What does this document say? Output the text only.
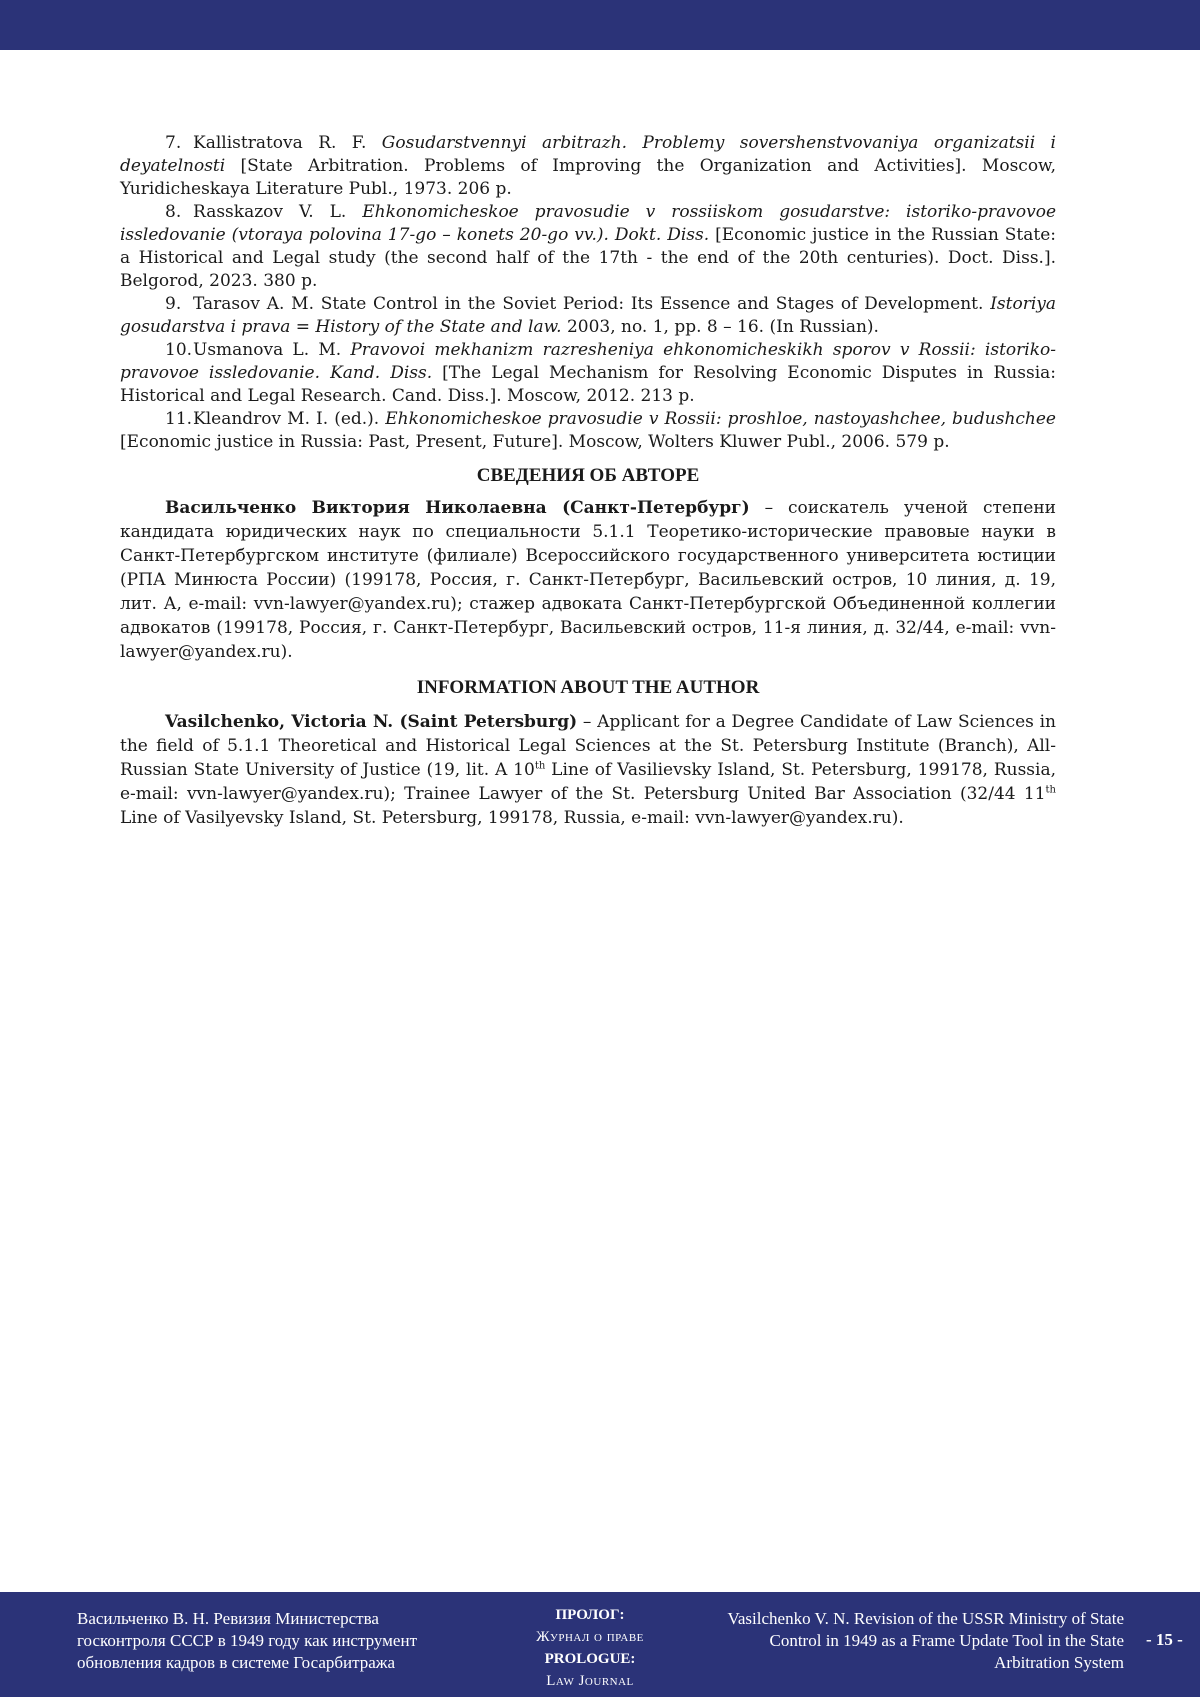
7. Kallistratova R. F. Gosudarstvennyi arbitrazh. Problemy sovershenstvovaniya organizatsii i deyatelnosti [State Arbitration. Problems of Improving the Organization and Activities]. Moscow, Yuridicheskaya Literature Publ., 1973. 206 p.

8. Rasskazov V. L. Ehkonomicheskoe pravosudie v rossiiskom gosudarstve: istoriko-pravovoe issledovanie (vtoraya polovina 17-go – konets 20-go vv.). Dokt. Diss. [Economic justice in the Russian State: a Historical and Legal study (the second half of the 17th - the end of the 20th centuries). Doct. Diss.]. Belgorod, 2023. 380 p.

9. Tarasov A. M. State Control in the Soviet Period: Its Essence and Stages of Development. Istoriya gosudarstva i prava = History of the State and law. 2003, no. 1, pp. 8 – 16. (In Russian).

10.Usmanova L. M. Pravovoi mekhanizm razresheniya ehkonomicheskikh sporov v Rossii: istoriko-pravovoe issledovanie. Kand. Diss. [The Legal Mechanism for Resolving Economic Disputes in Russia: Historical and Legal Research. Cand. Diss.]. Moscow, 2012. 213 p.

11.Kleandrov M. I. (ed.). Ehkonomicheskoe pravosudie v Rossii: proshloe, nastoyashchee, budushchee [Economic justice in Russia: Past, Present, Future]. Moscow, Wolters Kluwer Publ., 2006. 579 p.

СВЕДЕНИЯ ОБ АВТОРЕ

Васильченко Виктория Николаевна (Санкт-Петербург) – соискатель ученой степени кандидата юридических наук по специальности 5.1.1 Теоретико-исторические правовые науки в Санкт-Петербургском институте (филиале) Всероссийского государственного университета юстиции (РПА Минюста России) (199178, Россия, г. Санкт-Петербург, Васильевский остров, 10 линия, д. 19, лит. А, e-mail: vvn-lawyer@yandex.ru); стажер адвоката Санкт-Петербургской Объединенной коллегии адвокатов (199178, Россия, г. Санкт-Петербург, Васильевский остров, 11-я линия, д. 32/44, e-mail: vvn-lawyer@yandex.ru).

INFORMATION ABOUT THE AUTHOR

Vasilchenko, Victoria N. (Saint Petersburg) – Applicant for a Degree Candidate of Law Sciences in the field of 5.1.1 Theoretical and Historical Legal Sciences at the St. Petersburg Institute (Branch), All-Russian State University of Justice (19, lit. A 10th Line of Vasilievsky Island, St. Petersburg, 199178, Russia, e-mail: vvn-lawyer@yandex.ru); Trainee Lawyer of the St. Petersburg United Bar Association (32/44 11th Line of Vasilyevsky Island, St. Petersburg, 199178, Russia, e-mail: vvn-lawyer@yandex.ru).

Васильченко В. Н. Ревизия Министерства госконтроля СССР в 1949 году как инструмент обновления кадров в системе Госарбитража
ПРОЛОГ:
Журнал о праве
PROLOGUE:
Law Journal
Vasilchenko V. N. Revision of the USSR Ministry of State Control in 1949 as a Frame Update Tool in the State Arbitration System
- 15 -
